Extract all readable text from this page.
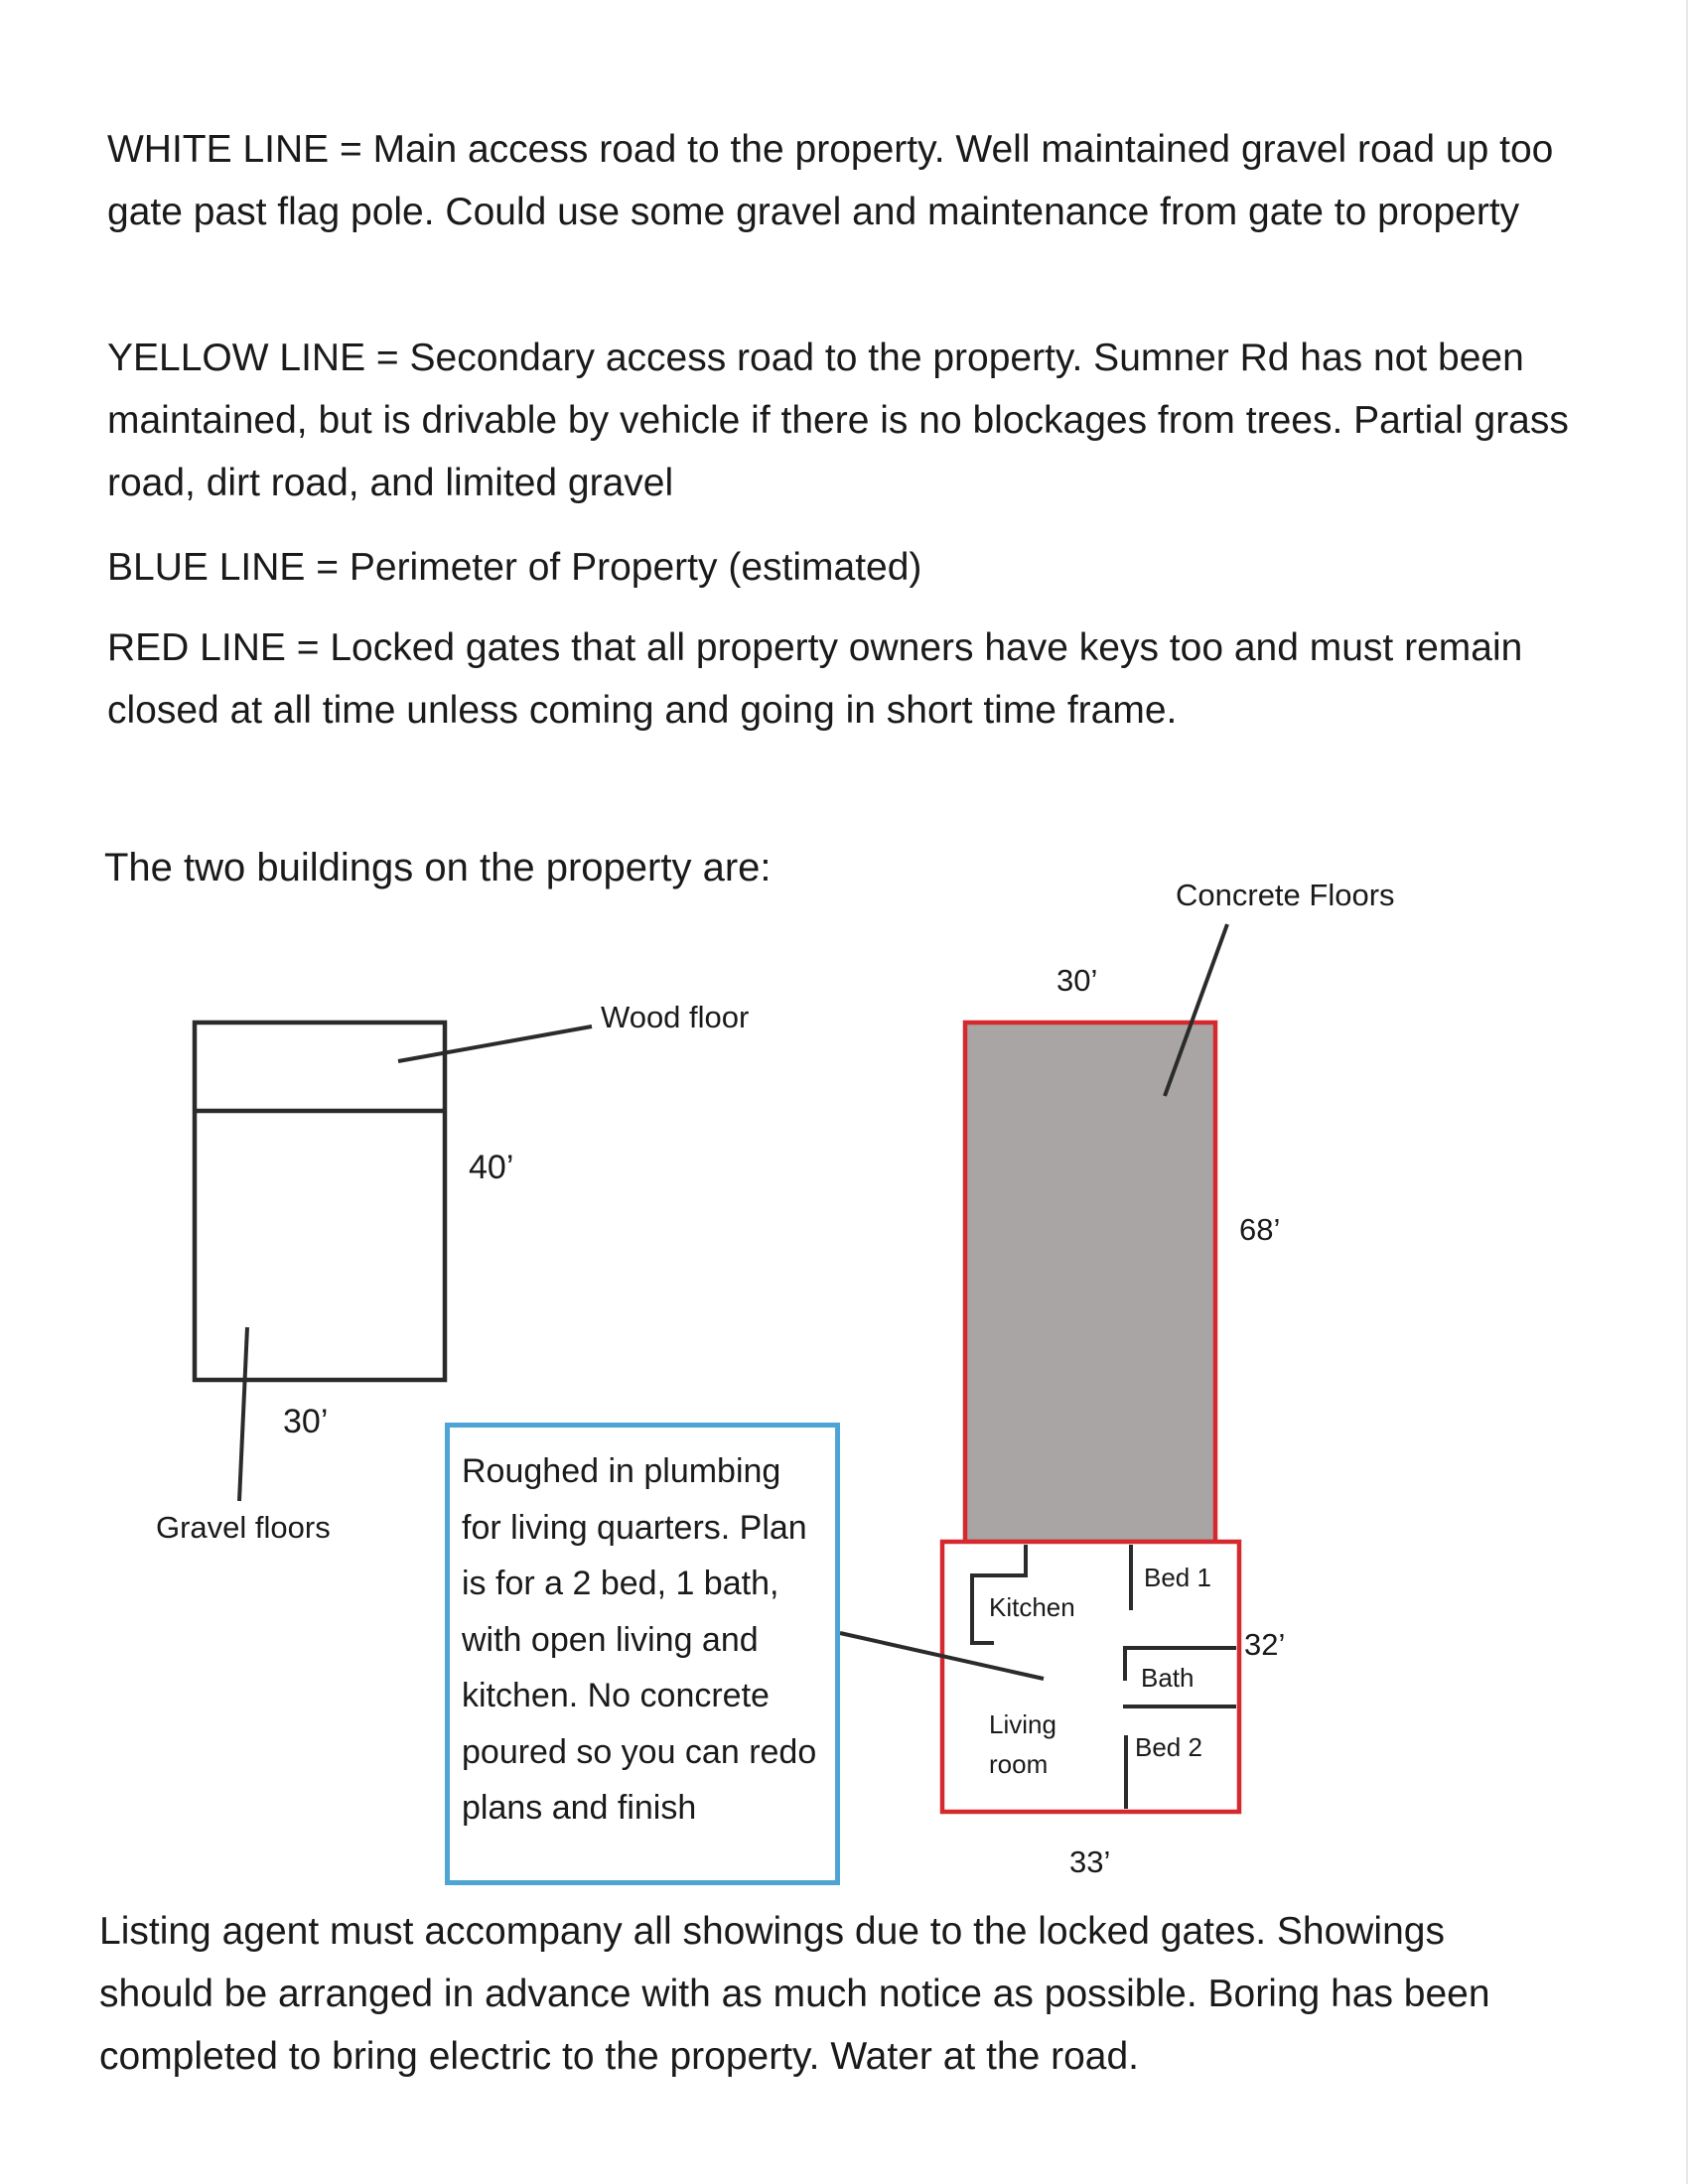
WHITE LINE = Main access road to the property. Well maintained gravel road up too gate past flag pole. Could use some gravel and maintenance from gate to property

YELLOW LINE = Secondary access road to the property. Sumner Rd has not been maintained, but is drivable by vehicle if there is no blockages from trees. Partial grass road, dirt road, and limited gravel

BLUE LINE = Perimeter of Property (estimated)

RED LINE = Locked gates that all property owners have keys too and must remain closed at all time unless coming and going in short time frame.

The two buildings on the property are:
Wood floor
40’
30’
Gravel floors
Concrete Floors
30’
68’
32’
33’
Kitchen
Bed 1
Bath
Living
room
Bed 2
Roughed in plumbing for living quarters. Plan is for a 2 bed, 1 bath, with open living and kitchen. No concrete poured so you can redo plans and finish

Listing agent must accompany all showings due to the locked gates. Showings should be arranged in advance with as much notice as possible. Boring has been completed to bring electric to the property. Water at the road.
